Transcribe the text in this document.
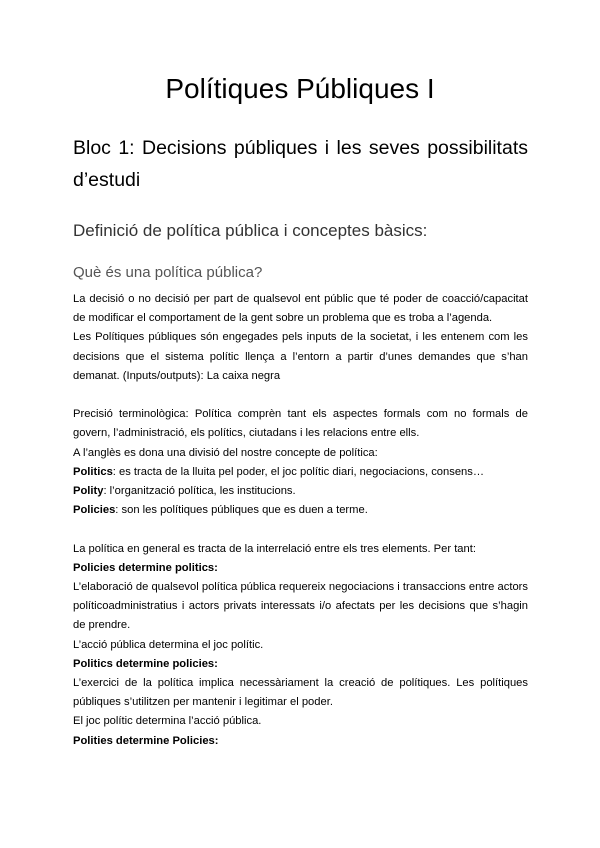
Polítiques Públiques I
Bloc 1: Decisions públiques i les seves possibilitats d’estudi
Definició de política pública i conceptes bàsics:
Què és una política pública?

La decisió o no decisió per part de qualsevol ent públic que té poder de coacció/capacitat de modificar el comportament de la gent sobre un problema que es troba a l’agenda.

Les Polítiques públiques són engegades pels inputs de la societat, i les entenem com les decisions que el sistema polític llença a l’entorn a partir d’unes demandes que s’han demanat. (Inputs/outputs): La caixa negra

Precisió terminològica: Política comprèn tant els aspectes formals com no formals de govern, l’administració, els polítics, ciutadans i les relacions entre ells.

A l’anglès es dona una divisió del nostre concepte de política:

Politics: es tracta de la lluita pel poder, el joc polític diari, negociacions, consens…

Polity: l’organització política, les institucions.

Policies: son les polítiques públiques que es duen a terme.

La política en general es tracta de la interrelació entre els tres elements. Per tant:

Policies determine politics:

L’elaboració de qualsevol política pública requereix negociacions i transaccions entre actors políticoadministratius i actors privats interessats i/o afectats per les decisions que s’hagin de prendre.

L’acció pública determina el joc polític.

Politics determine policies:

L’exercici de la política implica necessàriament la creació de polítiques. Les polítiques públiques s’utilitzen per mantenir i legitimar el poder.

El joc polític determina l’acció pública.

Polities determine Policies:
